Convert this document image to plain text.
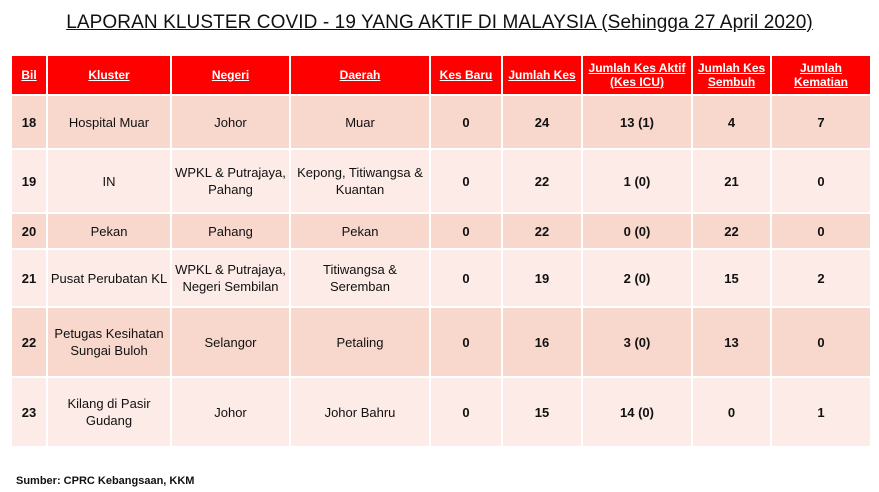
LAPORAN KLUSTER COVID - 19 YANG AKTIF DI MALAYSIA (Sehingga 27 April 2020)
Bil	Kluster	Negeri	Daerah	Kes Baru	Jumlah Kes	Jumlah Kes Aktif (Kes ICU)	Jumlah Kes Sembuh	Jumlah Kematian
18	Hospital Muar	Johor	Muar	0	24	13 (1)	4	7
19	IN	WPKL & Putrajaya, Pahang	Kepong, Titiwangsa & Kuantan	0	22	1 (0)	21	0
20	Pekan	Pahang	Pekan	0	22	0 (0)	22	0
21	Pusat Perubatan KL	WPKL & Putrajaya, Negeri Sembilan	Titiwangsa & Seremban	0	19	2 (0)	15	2
22	Petugas Kesihatan Sungai Buloh	Selangor	Petaling	0	16	3 (0)	13	0
23	Kilang di Pasir Gudang	Johor	Johor Bahru	0	15	14 (0)	0	1
Sumber: CPRC Kebangsaan, KKM
